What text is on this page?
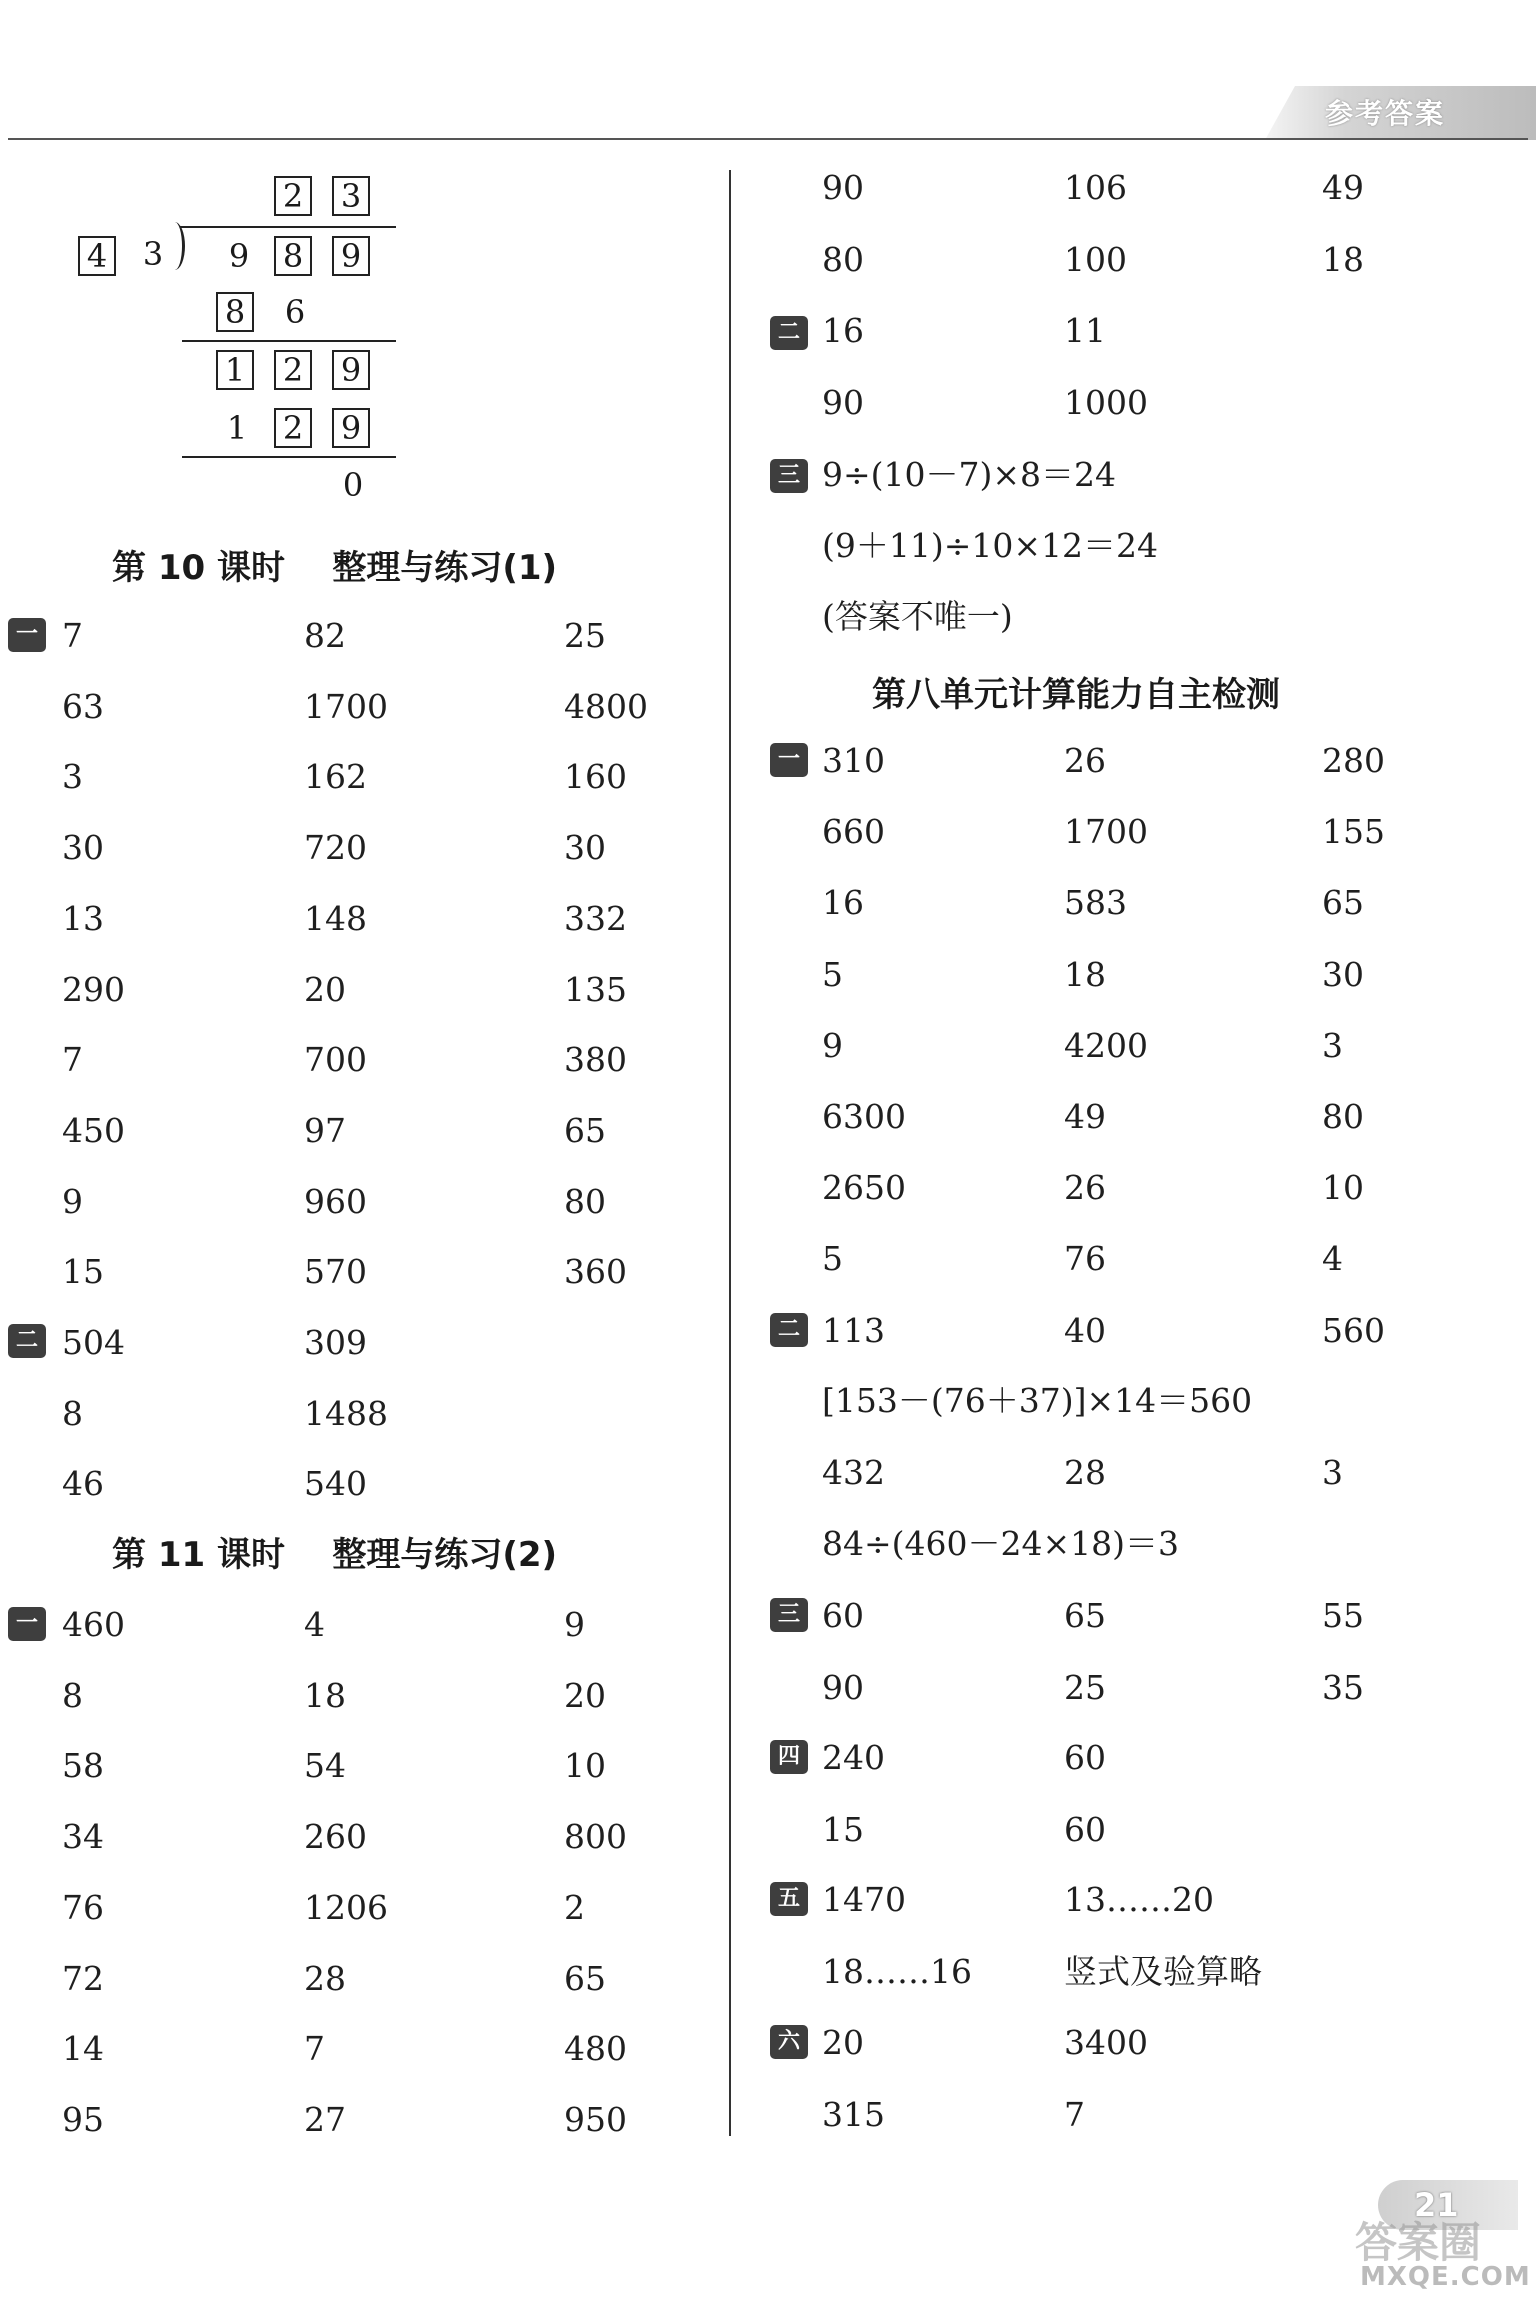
参考答案
2 3
4 3 9 8 9
8 6
1 2 9
1 2 9
0
第 10 课时    整理与练习(1)
第 11 课时    整理与练习(2)
9÷(10－7)×8＝24
(9＋11)÷10×12＝24
(答案不唯一)
第八单元计算能力自主检测
[153－(76＋37)]×14＝560
84÷(460－24×18)＝3
一
二
一
二
三
一
二
三
四
五
六
7	82	25
63	1700	4800
3	162	160
30	720	30
13	148	332
290	20	135
7	700	380
450	97	65
9	960	80
15	570	360
504	309
8	1488
46	540
460	4	9
8	18	20
58	54	10
34	260	800
76	1206	2
72	28	65
14	7	480
95	27	950
90	106	49
80	100	18
16	11
90	1000
310	26	280
660	1700	155
16	583	65
5	18	30
9	4200	3
6300	49	80
2650	26	10
5	76	4
113	40	560
432	28	3
60	65	55
90	25	35
240	60
15	60
1470	13……20
18……16	竖式及验算略
20	3400
315	7
21
答案圈
MXQE.COM
